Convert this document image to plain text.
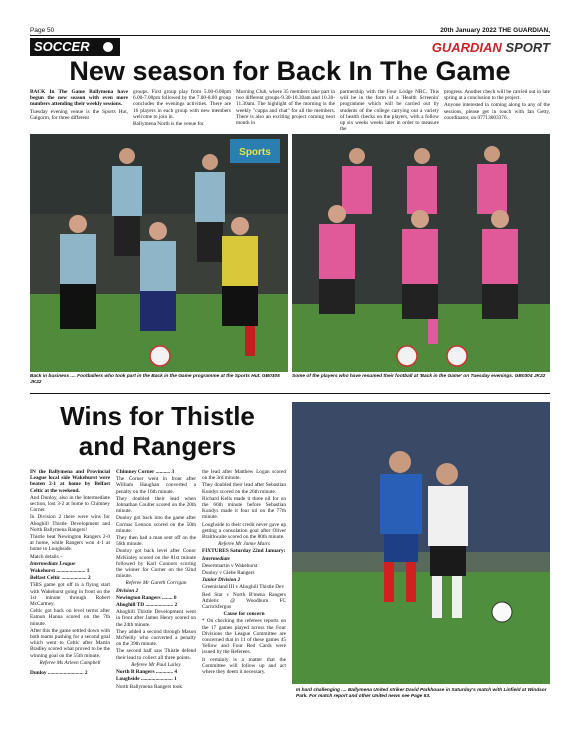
Page 50	20th January 2022 THE GUARDIAN,
SOCCER	GUARDIAN SPORT
New season for Back In The Game

BACK In The Game Ballymena have begun the new season with even more numbers attending their weekly sessions.

Tuesday evening venue is the Sports Hut, Galgorm, for three different

groups. First group play from 5.00-6.00pm 6.00-7.00pm followed by the 7.00-8.00 group concludes the evenings activities. There are 16 players in each group with new members welcome to join in.

Ballymena North is the venue for

Morning Club, where 35 members take part in two different groups-9.30-10.30am and 10.30-11.30am. The highlight of the morning is the weekly "cuppa and chat" for all the members. There is also an exciting project coming next month in

partnership with the Four Lodge NRC. This will be in the form of a 'Health Screenin' programme which will be carried out by students of the college carrying out a variety of health checks on the players, with a follow up six weeks weeks later in order to measure the

progress. Another check will be carried out in late spring at a conclusion to the project.

Anyone interested in coming along to any of the sessions, please get in touch with Ian Getty, coordinator, on 07713003376.

Sports
Back in business .... Footballers who took part in the Back in the Game programme at the Sports Hut. GB0305 JK22
Some of the players who have resumed their football at 'Back in the Game' on Tuesday evenings. GB0304 JK22
Wins for Thistle
and Rangers

IN the Ballymena and Provincial League local side Wakehurst were beaten 2-1 at home by Belfast Celtic at the weekend.

And Dunloy, also in the Intermediate section, lost 3-2 at home to Chimney Corner.

In Division 2 there were wins for Ahoghill Thistle Development and North Ballymena Rangers!

Thistle beat Newington Rangers 2-0 at home, while Rangers won 4-1 at home to Loughside.

Match details -

Intermediate League

Wakehurst ...................... 1

Belfast Celtic ................... 2

THIS game got off to a flying start with Wakehurst going in front on the 1st minute through Robert McCartney.

Celtic got back on level terms after Eamon Hanna scored on the 7th minute.

After this the game settled down with both teams pushing for a second goal which went to Celtic after Martin Bradley scored what proved to be the winning goal on the 55th minute.

Referee Ms Arleen Campbell

Dunloy ........................... 2

Chimney Corner ........... 3

The Corner went in front after William Haughan converted a penalty on the 16th minute.

They doubled their lead when Johnathan Coulter scored on the 20th minute.

Dunloy got back into the game after Cormac Lennon scored on the 50th minute.

They then had a man sent off on the 56th minute.

Dunloy got back level after Conor McKinley scored on the 81st minute followed by Karl Connors scoring the winner for Corner on the 92nd minute.

Referee Mr Gareth Corrigan

Division 2

Newington Rangers ........ 0

Ahoghill TD ..................... 2

Ahoghill Thistle Development went in front after James Henry scored on the 24th minute.

They added a second through Mason McNeilly who converted a penalty on the 39th minute.

The second half saw Thistle defend their lead to collect all three points.

Referee Mr Paul Lailey

North B Rangers ............. 4

Loughside ........................ 1

North Ballymena Rangers took

the lead after Matthew Logan scored on the 3rd minute.

They doubled their lead after Sebastian Kundys scored on the 26th minute.

Richard Kells made it three nil for on the 66th minute before Sebastian Kundys made it four nil on the 77th minute.

Loughside to their credit never gave up getting a consolation goal after Oliver Braithwaite scored on the 80th minute.

Referee Mr Jamie Mairs

FIXTURES Saturday 22nd January:

Intermediate

Desertmartin v Wakehurst

Dunloy v Glebe Rangers

Junior Division 2

Greenisland III v Ahoghill Thistle Dev

Red Star v North B'mena Rangers Athletic @ Woodburn FC Carrickfergus

Cause for concern

* On checking the referees reports on the 17 games played across the Four Divisions the League Committee are concerned that in 11 of these games 45 Yellow and Four Red Cards were issued by the Referees.

It certainly is a matter that the Committee will follow up and act where they deem it necessary.

In hard challenging .... Ballymena United striker David Parkhouse in Saturday's match with Linfield at Windsor Park. For match report and other United news see Page 53.
